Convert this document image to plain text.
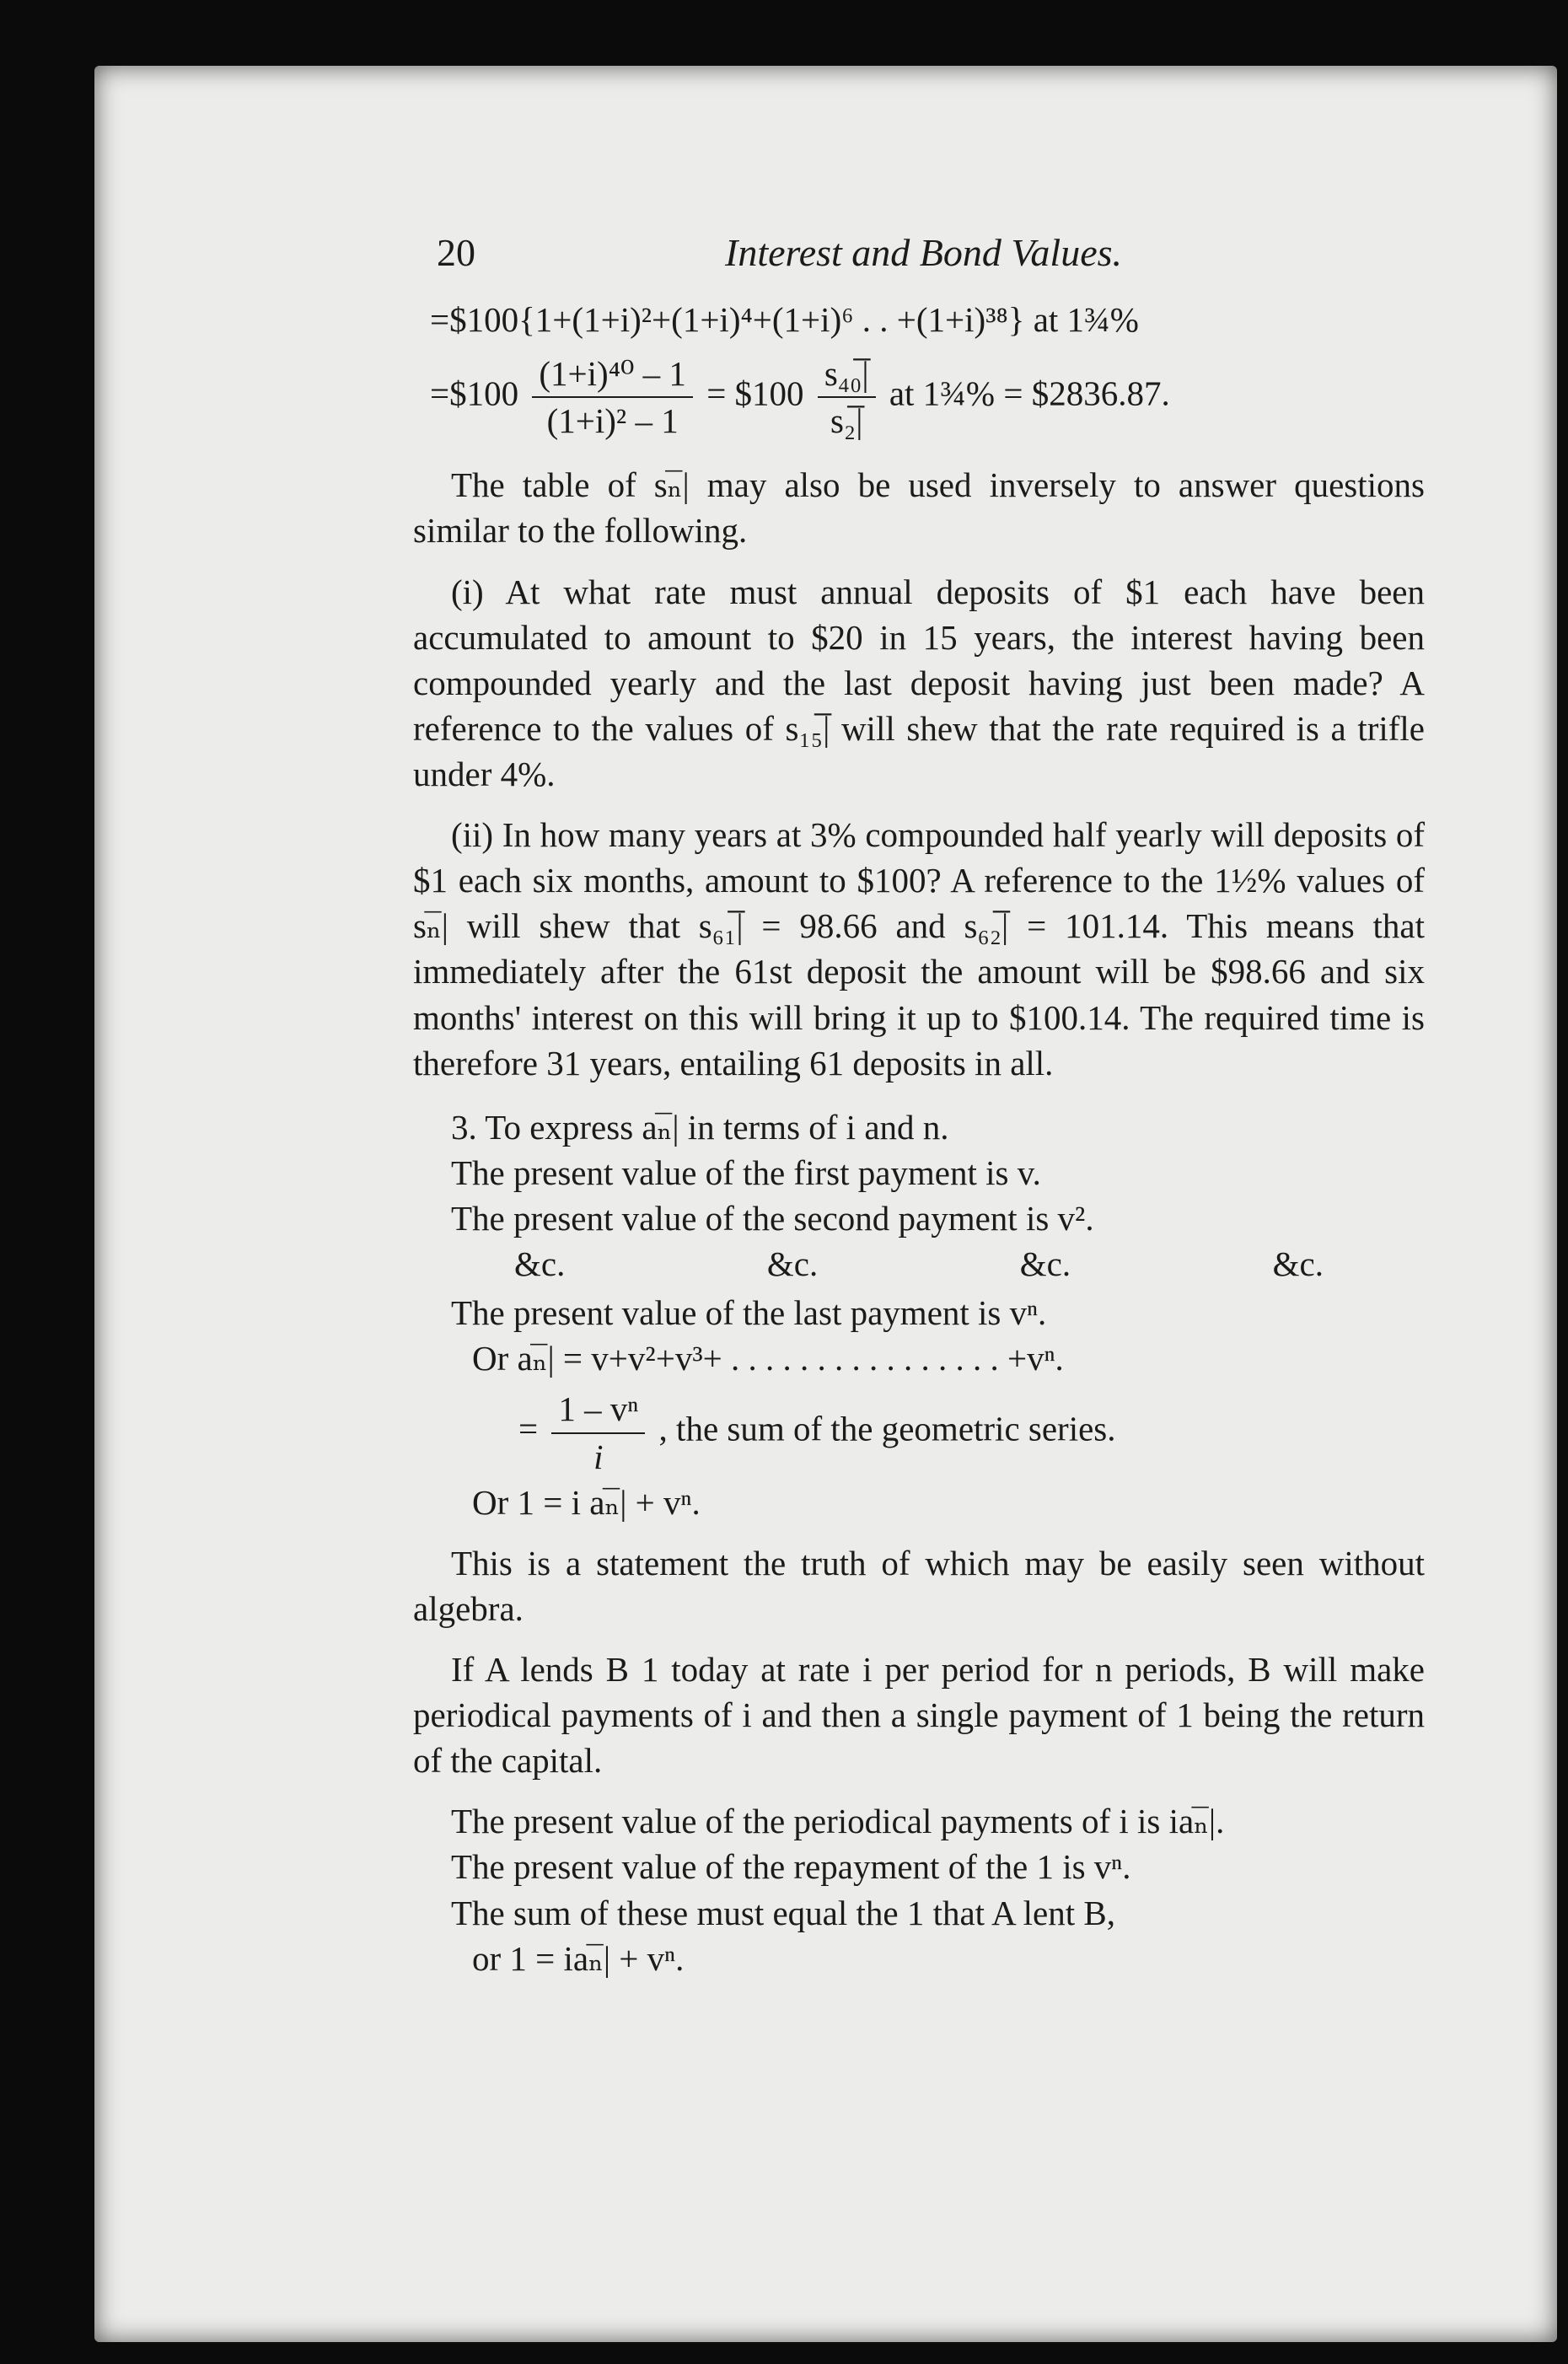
20	Interest and Bond Values.
=$100{1+(1+i)²+(1+i)⁴+(1+i)⁶ . . +(1+i)³⁸} at 1¾%
=$100 $\frac{\text{(1+i)⁴⁰ – 1}}{\text{(1+i)² – 1}}$ = $100 $\frac{\text{s₄₀̅|}}{\text{s₂̅|}}$ at 1¾% = $2836.87.

The table of sₙ̅| may also be used inversely to answer questions similar to the following.

(i) At what rate must annual deposits of $1 each have been accumulated to amount to $20 in 15 years, the interest having been compounded yearly and the last deposit having just been made? A reference to the values of s₁₅̅| will shew that the rate required is a trifle under 4%.

(ii) In how many years at 3% compounded half yearly will deposits of $1 each six months, amount to $100? A reference to the 1½% values of sₙ̅| will shew that s₆₁̅| = 98.66 and s₆₂̅| = 101.14. This means that immediately after the 61st deposit the amount will be $98.66 and six months' interest on this will bring it up to $100.14. The required time is therefore 31 years, entailing 61 deposits in all.

3. To express aₙ̅| in terms of i and n.
The present value of the first payment is v.
The present value of the second payment is v².
&c.	&c.	&c.	&c.
The present value of the last payment is vⁿ.
Or aₙ̅| = v+v²+v³+ . . . . . . . . . . . . . . . . +vⁿ.
= $\frac{\text{1 – vⁿ}}{i}$ , the sum of the geometric series.
Or 1 = i aₙ̅| + vⁿ.

This is a statement the truth of which may be easily seen without algebra.

If A lends B 1 today at rate i per period for n periods, B will make periodical payments of i and then a single payment of 1 being the return of the capital.

The present value of the periodical payments of i is iaₙ̅|.
The present value of the repayment of the 1 is vⁿ.
The sum of these must equal the 1 that A lent B,
or 1 = iaₙ̅| + vⁿ.
